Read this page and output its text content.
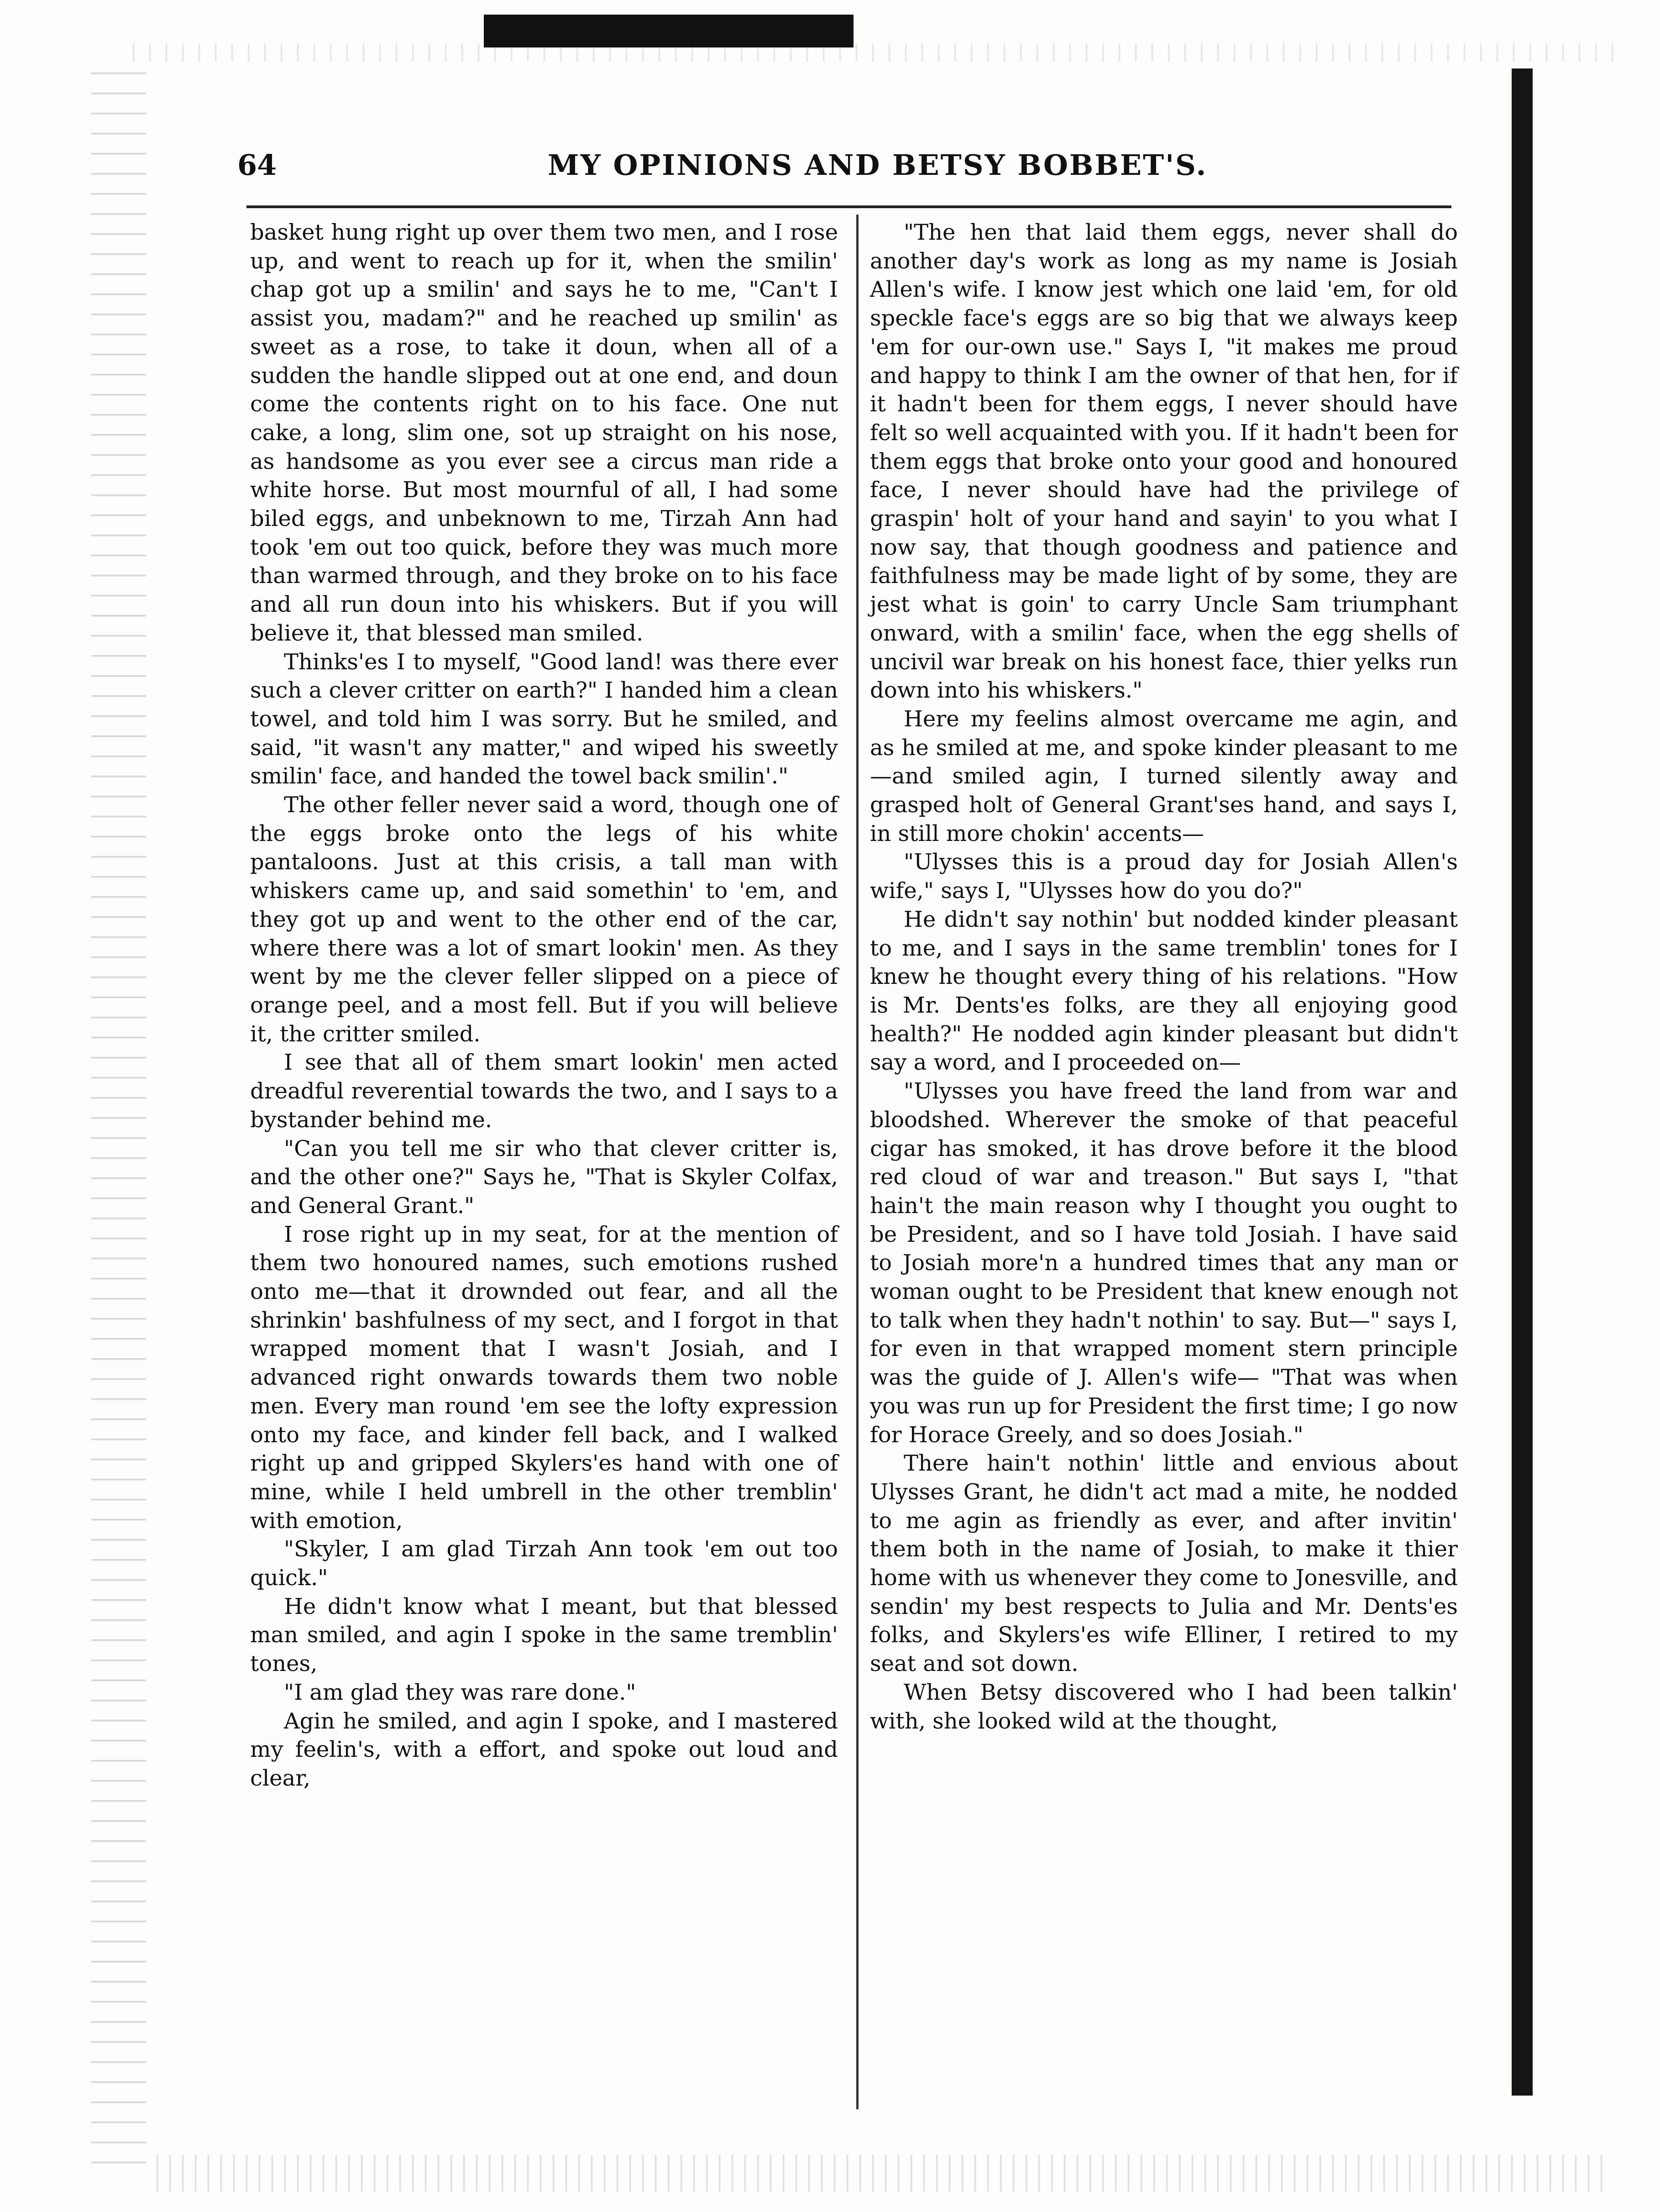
64	MY OPINIONS AND BETSY BOBBET'S.

basket hung right up over them two men, and I rose up, and went to reach up for it, when the smilin' chap got up a smilin' and says he to me, "Can't I assist you, madam?" and he reached up smilin' as sweet as a rose, to take it doun, when all of a sudden the handle slipped out at one end, and doun come the contents right on to his face. One nut cake, a long, slim one, sot up straight on his nose, as handsome as you ever see a circus man ride a white horse. But most mournful of all, I had some biled eggs, and unbeknown to me, Tirzah Ann had took 'em out too quick, before they was much more than warmed through, and they broke on to his face and all run doun into his whiskers. But if you will believe it, that blessed man smiled.

Thinks'es I to myself, "Good land! was there ever such a clever critter on earth?" I handed him a clean towel, and told him I was sorry. But he smiled, and said, "it wasn't any matter," and wiped his sweetly smilin' face, and handed the towel back smilin'."

The other feller never said a word, though one of the eggs broke onto the legs of his white pantaloons. Just at this crisis, a tall man with whiskers came up, and said somethin' to 'em, and they got up and went to the other end of the car, where there was a lot of smart lookin' men. As they went by me the clever feller slipped on a piece of orange peel, and a most fell. But if you will believe it, the critter smiled.

I see that all of them smart lookin' men acted dreadful reverential towards the two, and I says to a bystander behind me.

"Can you tell me sir who that clever critter is, and the other one?" Says he, "That is Skyler Colfax, and General Grant."

I rose right up in my seat, for at the mention of them two honoured names, such emotions rushed onto me—that it drownded out fear, and all the shrinkin' bashfulness of my sect, and I forgot in that wrapped moment that I wasn't Josiah, and I advanced right onwards towards them two noble men. Every man round 'em see the lofty expression onto my face, and kinder fell back, and I walked right up and gripped Skylers'es hand with one of mine, while I held umbrell in the other tremblin' with emotion,

"Skyler, I am glad Tirzah Ann took 'em out too quick."

He didn't know what I meant, but that blessed man smiled, and agin I spoke in the same tremblin' tones,

"I am glad they was rare done."

Agin he smiled, and agin I spoke, and I mastered my feelin's, with a effort, and spoke out loud and clear,

"The hen that laid them eggs, never shall do another day's work as long as my name is Josiah Allen's wife. I know jest which one laid 'em, for old speckle face's eggs are so big that we always keep 'em for our-own use." Says I, "it makes me proud and happy to think I am the owner of that hen, for if it hadn't been for them eggs, I never should have felt so well acquainted with you. If it hadn't been for them eggs that broke onto your good and honoured face, I never should have had the privilege of graspin' holt of your hand and sayin' to you what I now say, that though goodness and patience and faithfulness may be made light of by some, they are jest what is goin' to carry Uncle Sam triumphant onward, with a smilin' face, when the egg shells of uncivil war break on his honest face, thier yelks run down into his whiskers."

Here my feelins almost overcame me agin, and as he smiled at me, and spoke kinder pleasant to me—and smiled agin, I turned silently away and grasped holt of General Grant'ses hand, and says I, in still more chokin' accents—

"Ulysses this is a proud day for Josiah Allen's wife," says I, "Ulysses how do you do?"

He didn't say nothin' but nodded kinder pleasant to me, and I says in the same tremblin' tones for I knew he thought every thing of his relations. "How is Mr. Dents'es folks, are they all enjoying good health?" He nodded agin kinder pleasant but didn't say a word, and I proceeded on—

"Ulysses you have freed the land from war and bloodshed. Wherever the smoke of that peaceful cigar has smoked, it has drove before it the blood red cloud of war and treason." But says I, "that hain't the main reason why I thought you ought to be President, and so I have told Josiah. I have said to Josiah more'n a hundred times that any man or woman ought to be President that knew enough not to talk when they hadn't nothin' to say. But—" says I, for even in that wrapped moment stern principle was the guide of J. Allen's wife— "That was when you was run up for President the first time; I go now for Horace Greely, and so does Josiah."

There hain't nothin' little and envious about Ulysses Grant, he didn't act mad a mite, he nodded to me agin as friendly as ever, and after invitin' them both in the name of Josiah, to make it thier home with us whenever they come to Jonesville, and sendin' my best respects to Julia and Mr. Dents'es folks, and Skylers'es wife Elliner, I retired to my seat and sot down.

When Betsy discovered who I had been talkin' with, she looked wild at the thought,
